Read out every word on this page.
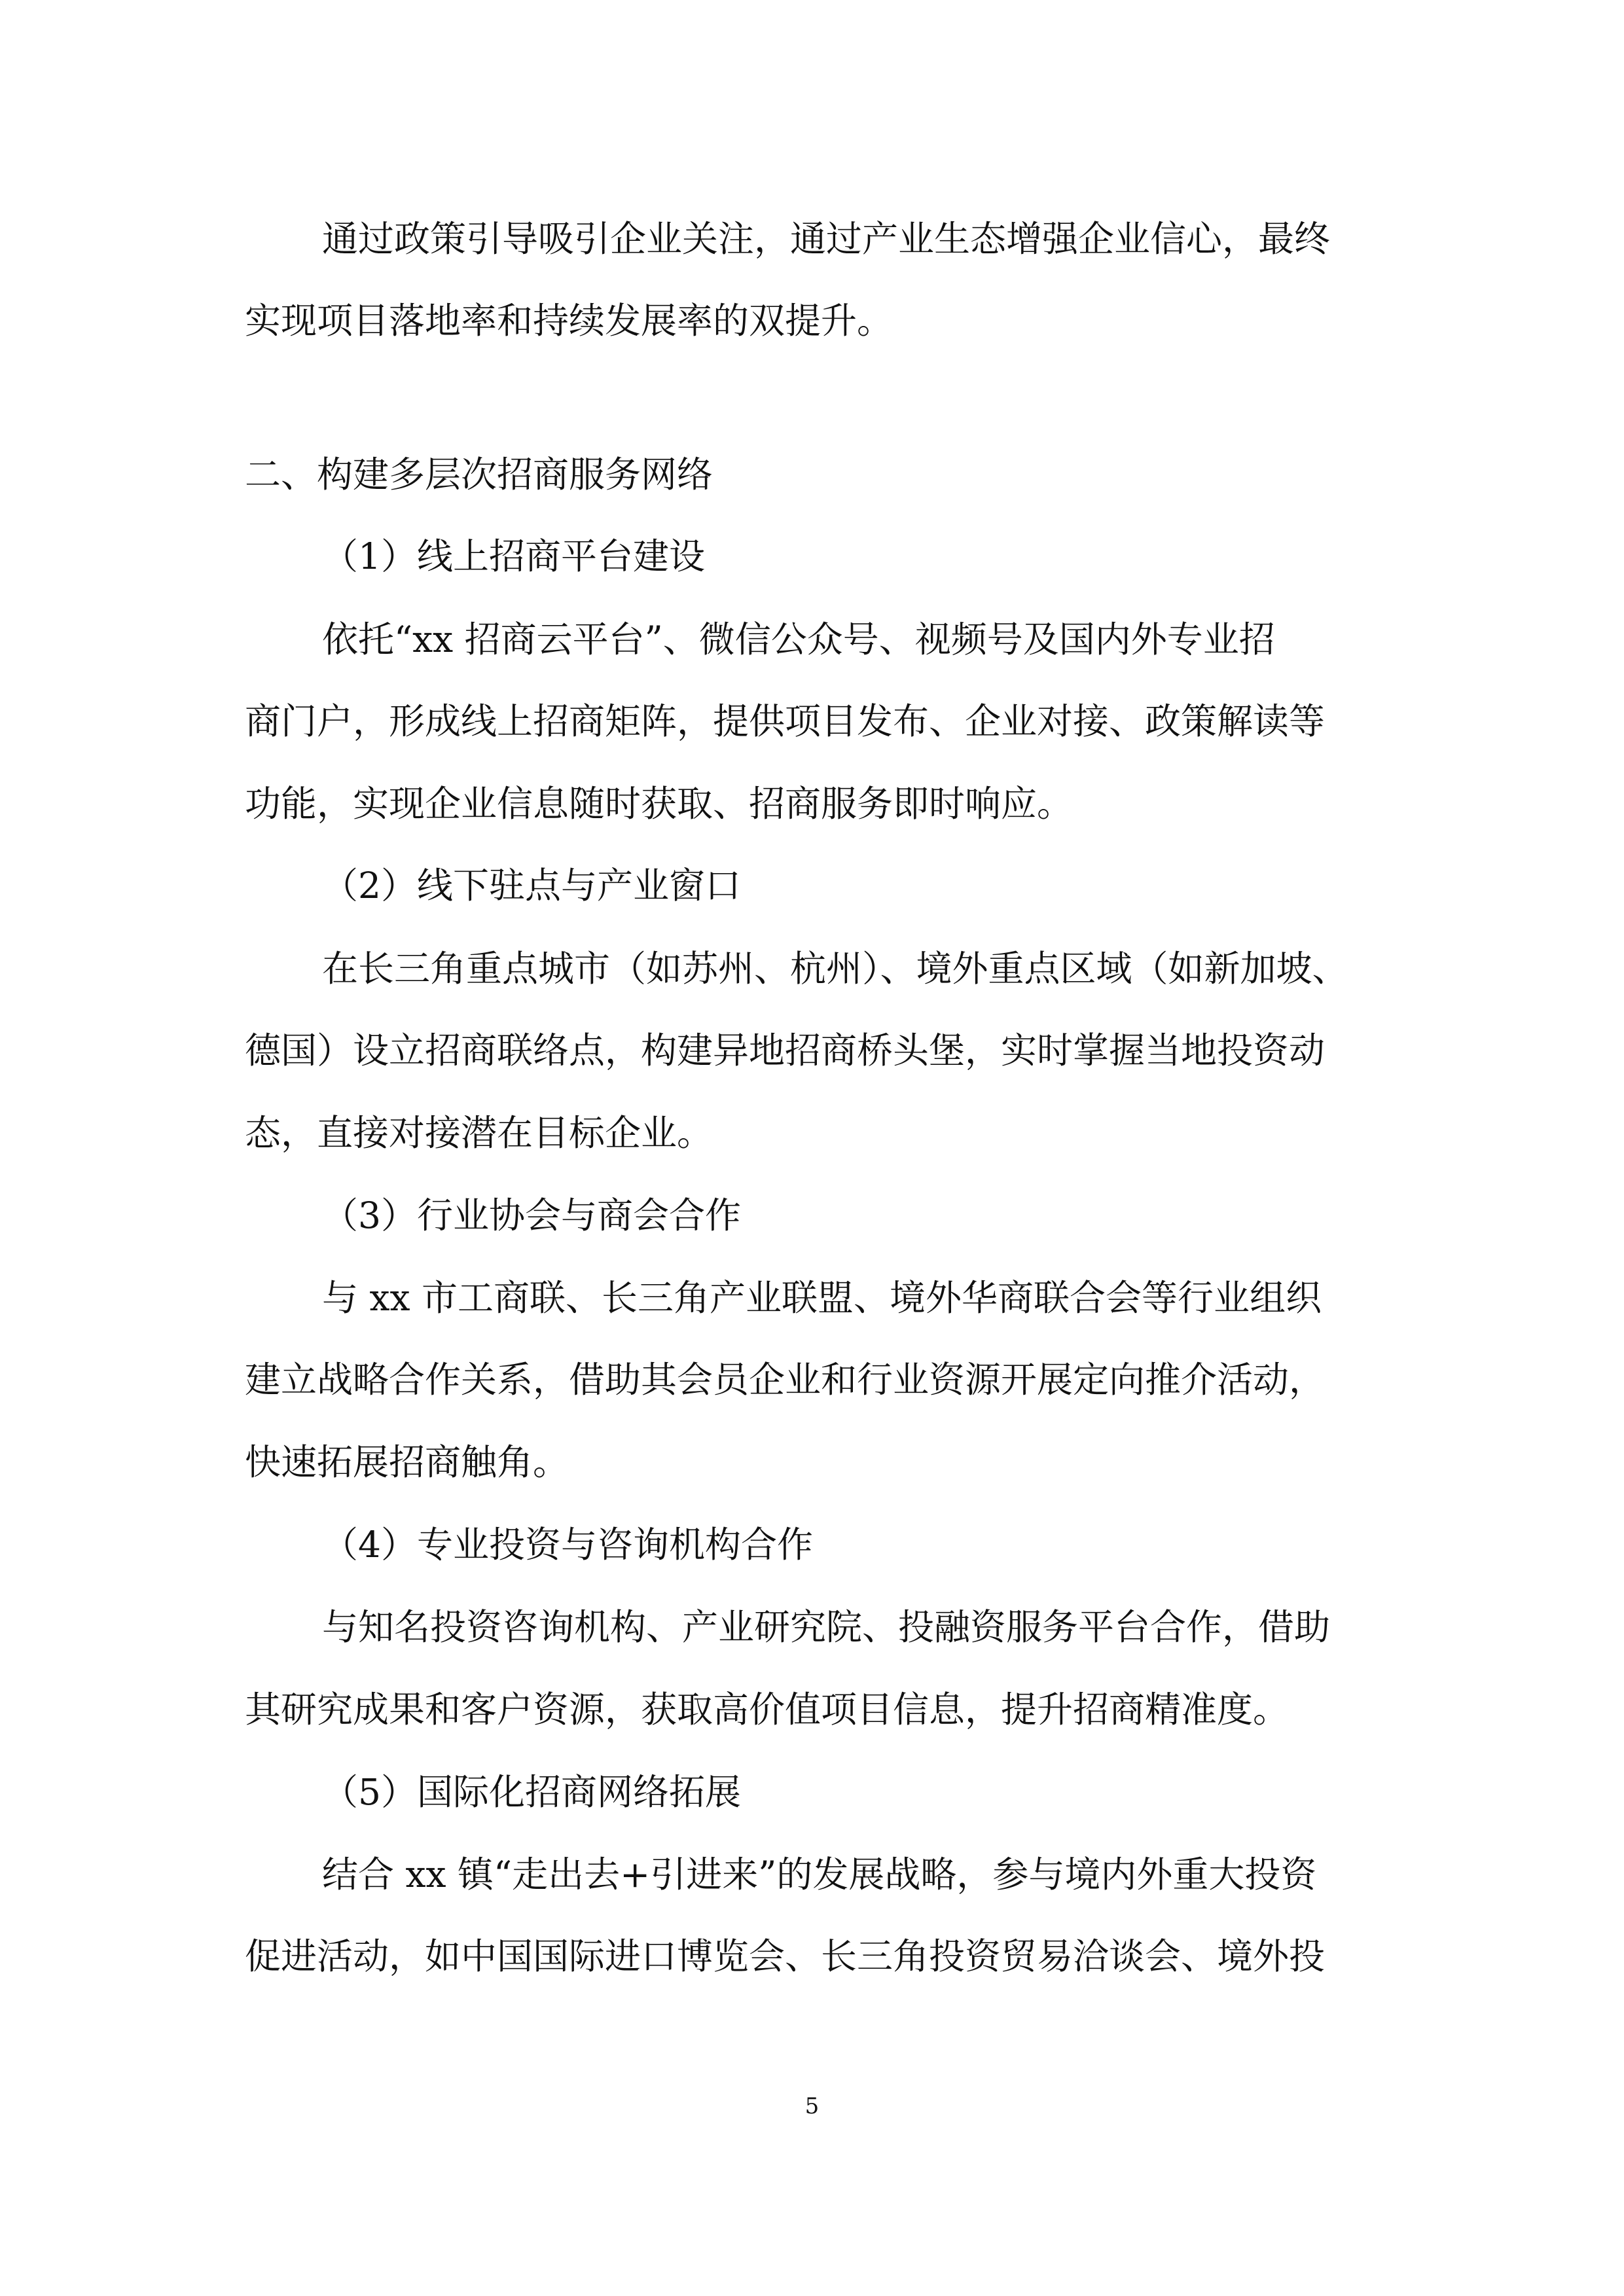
通过政策引导吸引企业关注，通过产业生态增强企业信心，最终
实现项目落地率和持续发展率的双提升。
二、构建多层次招商服务网络
（1）线上招商平台建设
依托“xx 招商云平台”、微信公众号、视频号及国内外专业招
商门户，形成线上招商矩阵，提供项目发布、企业对接、政策解读等
功能，实现企业信息随时获取、招商服务即时响应。
（2）线下驻点与产业窗口
在长三角重点城市（如苏州、杭州）、境外重点区域（如新加坡、
德国）设立招商联络点，构建异地招商桥头堡，实时掌握当地投资动
态，直接对接潜在目标企业。
（3）行业协会与商会合作
与 xx 市工商联、长三角产业联盟、境外华商联合会等行业组织
建立战略合作关系，借助其会员企业和行业资源开展定向推介活动，
快速拓展招商触角。
（4）专业投资与咨询机构合作
与知名投资咨询机构、产业研究院、投融资服务平台合作，借助
其研究成果和客户资源，获取高价值项目信息，提升招商精准度。
（5）国际化招商网络拓展
结合 xx 镇“走出去+引进来”的发展战略，参与境内外重大投资
促进活动，如中国国际进口博览会、长三角投资贸易洽谈会、境外投
5
